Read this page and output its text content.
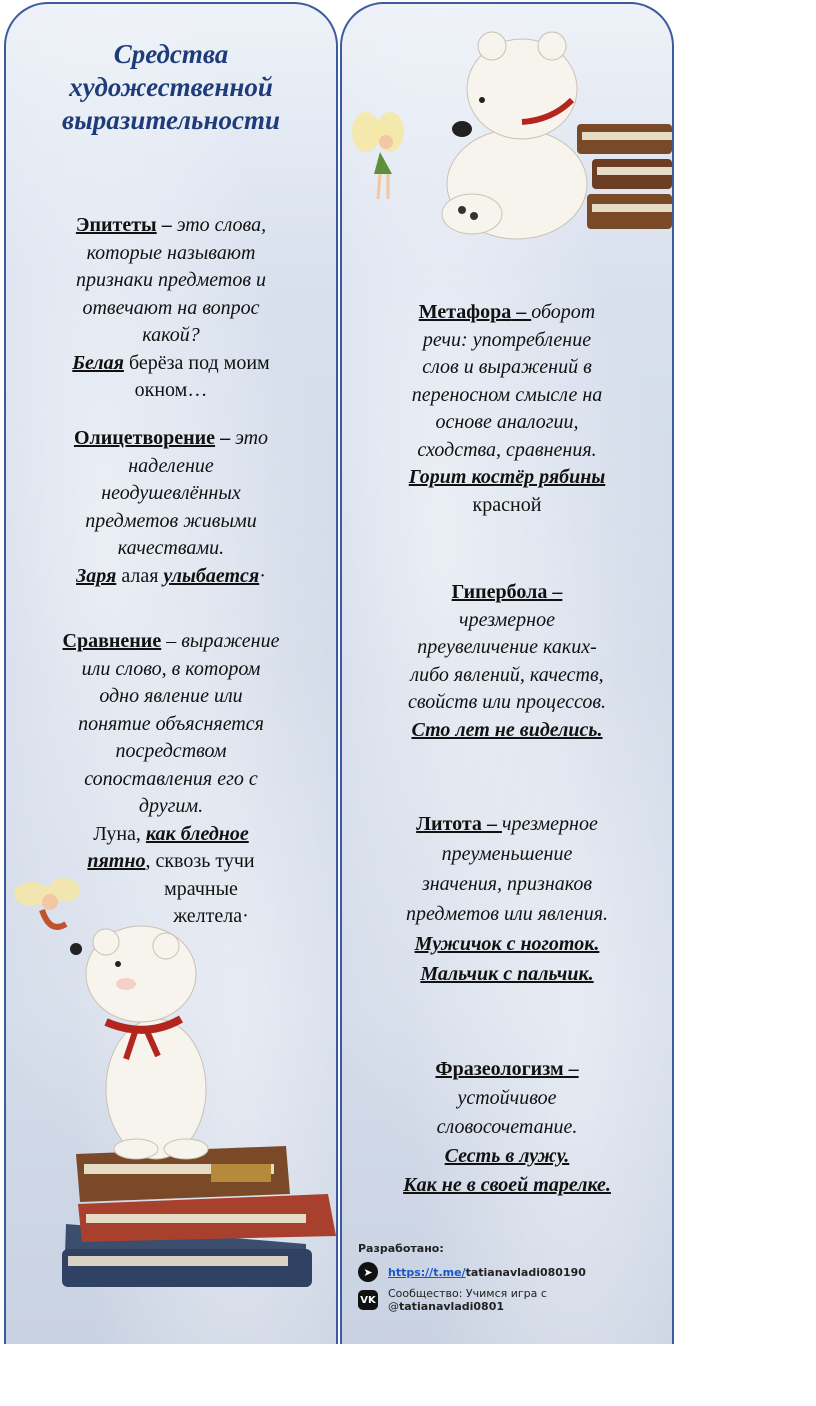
Средства
художественной
выразительности
Эпитеты – это слова,
которые называют
признаки предметов и
отвечают на вопрос
какой?
Белая берёза под моим
окном…
Олицетворение – это
наделение
неодушевлённых
предметов живыми
качествами.
Заря алая улыбается·
Сравнение – выражение
или слово, в котором
одно явление или
понятие объясняется
посредством
сопоставления его с
другим.
Луна, как бледное
пятно, сквозь тучи
мрачные
желтела·
Метафора – оборот
речи: употребление
слов и выражений в
переносном смысле на
основе аналогии,
сходства, сравнения.
Горит костёр рябины
красной
Гипербола –
чрезмерное
преувеличение каких-
либо явлений, качеств,
свойств или процессов.
Сто лет не виделись.
Литота – чрезмерное
преуменьшение
значения, признаков
предметов или явления.
Мужичок с ноготок.
Мальчик с пальчик.
Фразеологизм –
устойчивое
словосочетание.
Сесть в лужу.
Как не в своей тарелке.
Разработано:
➤	https://t.me/tatianavladi080190
VK Сообщество: Учимся игра с @tatianavladi0801
